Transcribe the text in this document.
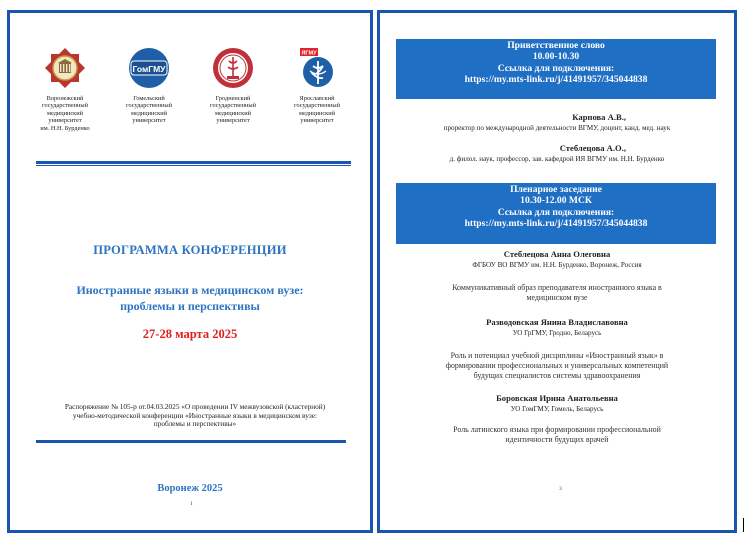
Воронежский
государственный
медицинский
университет
им. Н.Н. Бурденко
ГомГМУ
Гомельский
государственный
медицинский
университет
Гродненский
государственный
медицинский
университет
ЯГМУ
Ярославский
государственный
медицинский
университет
ПРОГРАММА КОНФЕРЕНЦИИ
Иностранные языки в медицинском вузе:
проблемы и перспективы
27-28 марта 2025
Распоряжение № 105-р от.04.03.2025 «О проведении IV межвузовской (кластерной)
учебно-методической конференции «Иностранные языки в медицинском вузе:
проблемы и перспективы»
Воронеж 2025
1
Приветственное слово
10.00-10.30
Ссылка для подключения:
https://my.mts-link.ru/j/41491957/345044838
Карпова А.В.,
проректор по международной деятельности ВГМУ, доцент, канд. мед. наук
Стеблецова А.О.,
д. филол. наук, профессор, зав. кафедрой ИЯ ВГМУ им. Н.Н. Бурденко
Пленарное заседание
10.30-12.00 МСК
Ссылка для подключения:
https://my.mts-link.ru/j/41491957/345044838
Стеблецова Анна Олеговна
ФГБОУ ВО ВГМУ им. Н.Н. Бурденко, Воронеж, Россия
Коммуникативный образ преподавателя иностранного языка в
медицинском вузе
Разводовская Янина Владиславовна
УО ГрГМУ, Гродно, Беларусь
Роль и потенциал учебной дисциплины «Иностранный язык» в
формировании профессиональных и универсальных компетенций
будущих специалистов системы здравоохранения
Боровская Ирина Анатольевна
УО ГомГМУ, Гомель, Беларусь
Роль латинского языка при формировании профессиональной
идентичности будущих врачей
3
